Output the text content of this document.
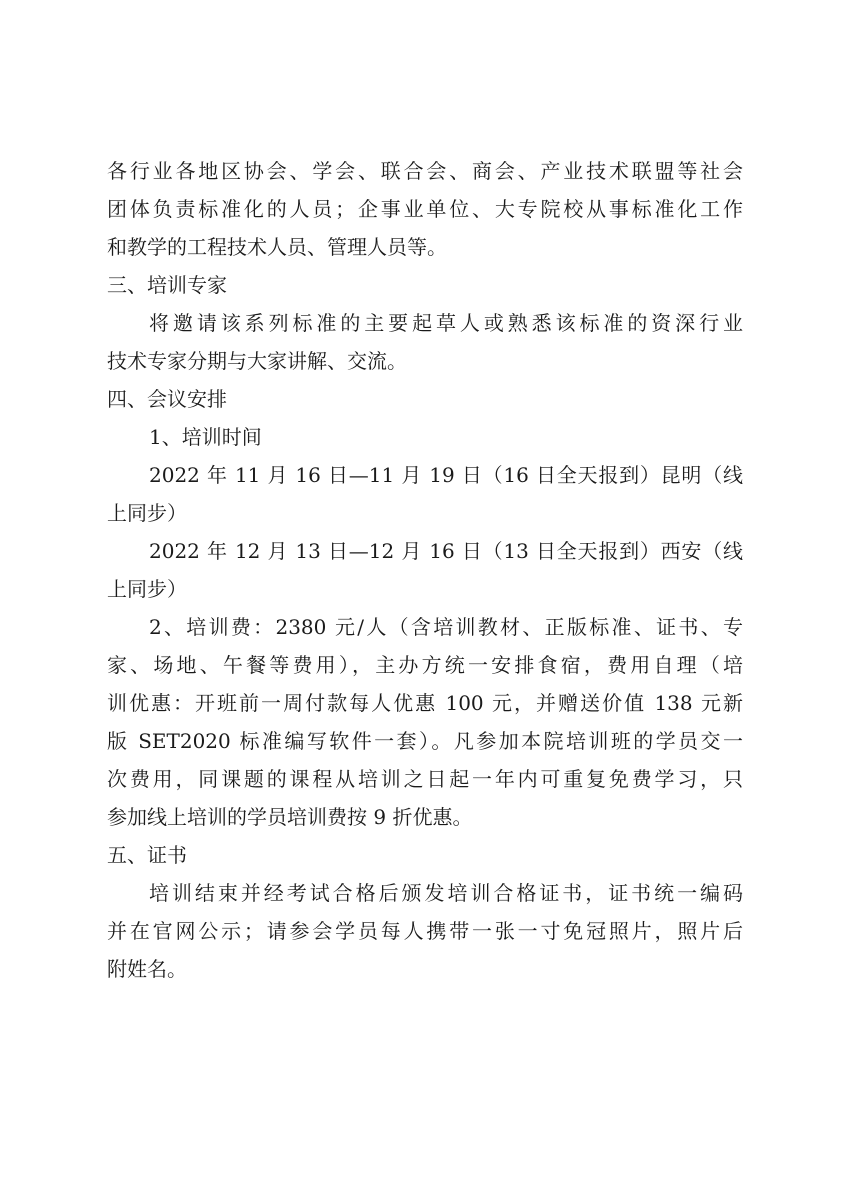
各行业各地区协会、学会、联合会、商会、产业技术联盟等社会
团体负责标准化的人员；企事业单位、大专院校从事标准化工作
和教学的工程技术人员、管理人员等。
三、培训专家
将邀请该系列标准的主要起草人或熟悉该标准的资深行业
技术专家分期与大家讲解、交流。
四、会议安排
1、培训时间
2022 年 11 月 16 日—11 月 19 日（16 日全天报到）昆明（线
上同步）
2022 年 12 月 13 日—12 月 16 日（13 日全天报到）西安（线
上同步）
2、培训费：2380 元/人（含培训教材、正版标准、证书、专
家、场地、午餐等费用），主办方统一安排食宿，费用自理（培
训优惠：开班前一周付款每人优惠 100 元，并赠送价值 138 元新
版 SET2020 标准编写软件一套）。凡参加本院培训班的学员交一
次费用，同课题的课程从培训之日起一年内可重复免费学习，只
参加线上培训的学员培训费按 9 折优惠。
五、证书
培训结束并经考试合格后颁发培训合格证书，证书统一编码
并在官网公示；请参会学员每人携带一张一寸免冠照片，照片后
附姓名。
